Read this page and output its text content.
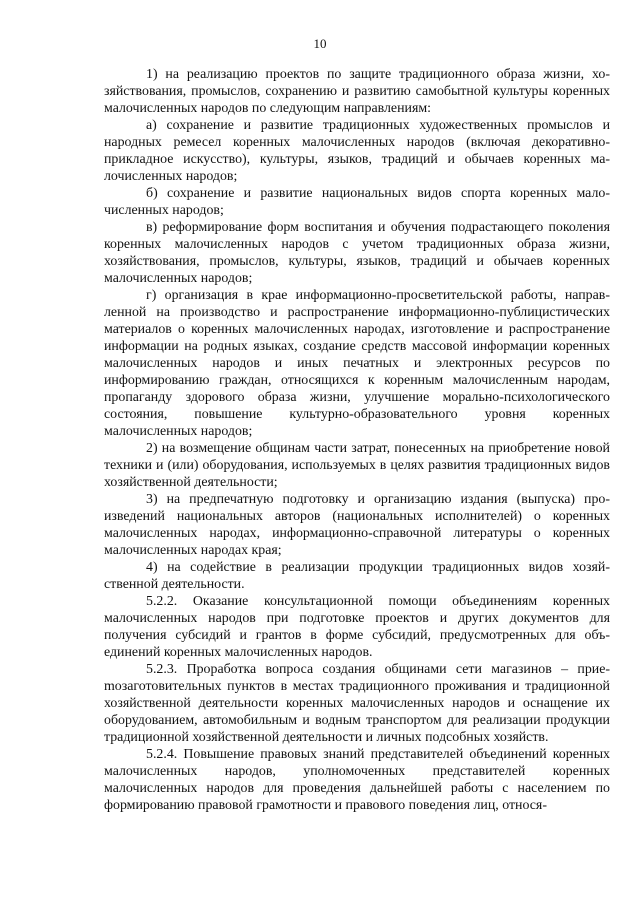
10

1) на реализацию проектов по защите традиционного образа жизни, хозяйствования, промыслов, сохранению и развитию самобытной культуры коренных малочисленных народов по следующим направлениям:

а) сохранение и развитие традиционных художественных промыслов и народных ремесел коренных малочисленных народов (включая декоративно-прикладное искусство), культуры, языков, традиций и обычаев коренных малочисленных народов;

б) сохранение и развитие национальных видов спорта коренных малочисленных народов;

в) реформирование форм воспитания и обучения подрастающего поколения коренных малочисленных народов с учетом традиционных образа жизни, хозяйствования, промыслов, культуры, языков, традиций и обычаев коренных малочисленных народов;

г) организация в крае информационно-просветительской работы, направленной на производство и распространение информационно-публицистических материалов о коренных малочисленных народах, изготовление и распространение информации на родных языках, создание средств массовой информации коренных малочисленных народов и иных печатных и электронных ресурсов по информированию граждан, относящихся к коренным малочисленным народам, пропаганду здорового образа жизни, улучшение морально-психологического состояния, повышение культурно-образовательного уровня коренных малочисленных народов;

2) на возмещение общинам части затрат, понесенных на приобретение новой техники и (или) оборудования, используемых в целях развития традиционных видов хозяйственной деятельности;

3) на предпечатную подготовку и организацию издания (выпуска) произведений национальных авторов (национальных исполнителей) о коренных малочисленных народах, информационно-справочной литературы о коренных малочисленных народах края;

4) на содействие в реализации продукции традиционных видов хозяйственной деятельности.

5.2.2. Оказание консультационной помощи объединениям коренных малочисленных народов при подготовке проектов и других документов для получения субсидий и грантов в форме субсидий, предусмотренных для объединений коренных малочисленных народов.

5.2.3. Проработка вопроса создания общинами сети магазинов – приеmозаготовительных пунктов в местах традиционного проживания и традиционной хозяйственной деятельности коренных малочисленных народов и оснащение их оборудованием, автомобильным и водным транспортом для реализации продукции традиционной хозяйственной деятельности и личных подсобных хозяйств.

5.2.4. Повышение правовых знаний представителей объединений коренных малочисленных народов, уполномоченных представителей коренных малочисленных народов для проведения дальнейшей работы с населением по формированию правовой грамотности и правового поведения лиц, относя-
